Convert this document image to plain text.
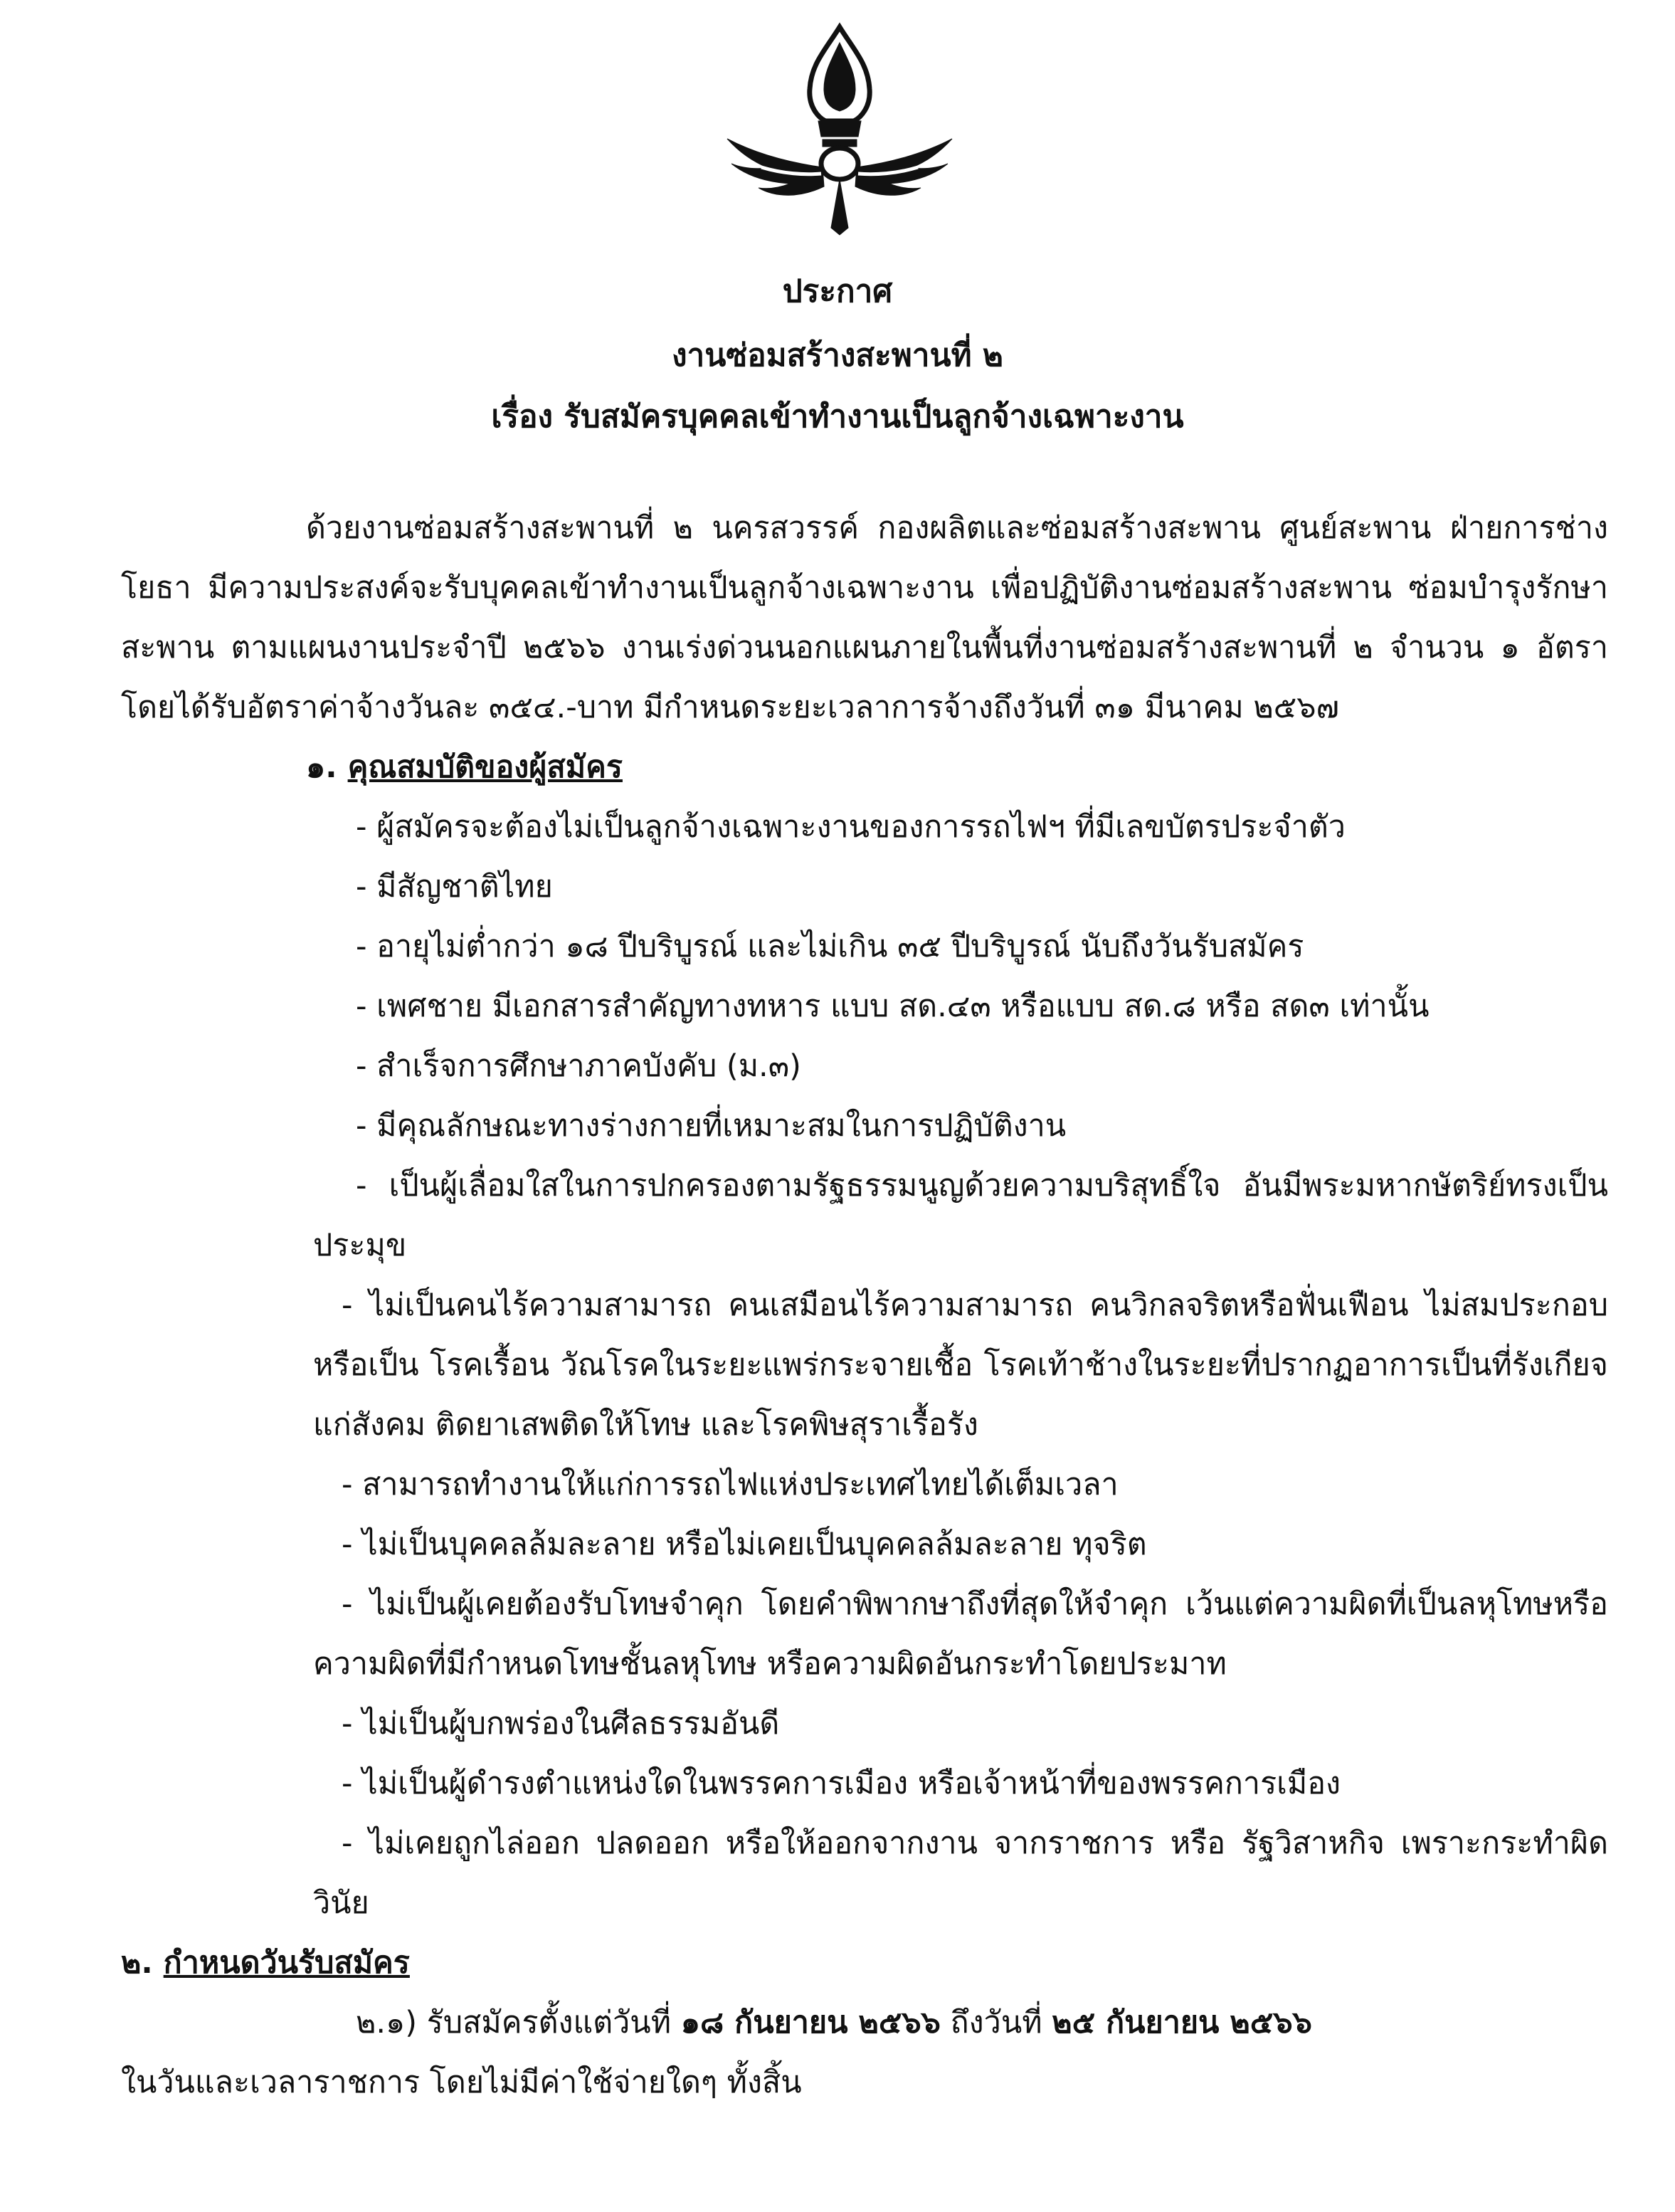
ประกาศ
งานซ่อมสร้างสะพานที่ ๒
เรื่อง รับสมัครบุคคลเข้าทำงานเป็นลูกจ้างเฉพาะงาน

ด้วยงานซ่อมสร้างสะพานที่ ๒ นครสวรรค์ กองผลิตและซ่อมสร้างสะพาน ศูนย์สะพาน ฝ่ายการช่างโยธา มีความประสงค์จะรับบุคคลเข้าทำงานเป็นลูกจ้างเฉพาะงาน เพื่อปฏิบัติงานซ่อมสร้างสะพาน ซ่อมบำรุงรักษาสะพาน ตามแผนงานประจำปี ๒๕๖๖ งานเร่งด่วนนอกแผนภายในพื้นที่งานซ่อมสร้างสะพานที่ ๒ จำนวน ๑ อัตรา โดยได้รับอัตราค่าจ้างวันละ ๓๕๔.-บาท มีกำหนดระยะเวลาการจ้างถึงวันที่ ๓๑ มีนาคม ๒๕๖๗

๑. คุณสมบัติของผู้สมัคร

- ผู้สมัครจะต้องไม่เป็นลูกจ้างเฉพาะงานของการรถไฟฯ ที่มีเลขบัตรประจำตัว

- มีสัญชาติไทย

- อายุไม่ต่ำกว่า ๑๘ ปีบริบูรณ์ และไม่เกิน ๓๕ ปีบริบูรณ์ นับถึงวันรับสมัคร

- เพศชาย มีเอกสารสำคัญทางทหาร แบบ สด.๔๓ หรือแบบ สด.๘ หรือ สด๓ เท่านั้น

- สำเร็จการศึกษาภาคบังคับ (ม.๓)

- มีคุณลักษณะทางร่างกายที่เหมาะสมในการปฏิบัติงาน

- เป็นผู้เลื่อมใสในการปกครองตามรัฐธรรมนูญด้วยความบริสุทธิ์ใจ อันมีพระมหากษัตริย์ทรงเป็นประมุข

- ไม่เป็นคนไร้ความสามารถ คนเสมือนไร้ความสามารถ คนวิกลจริตหรือฟั่นเฟือน ไม่สมประกอบหรือเป็น โรคเรื้อน วัณโรคในระยะแพร่กระจายเชื้อ โรคเท้าช้างในระยะที่ปรากฏอาการเป็นที่รังเกียจแก่สังคม ติดยาเสพติดให้โทษ และโรคพิษสุราเรื้อรัง

- สามารถทำงานให้แก่การรถไฟแห่งประเทศไทยได้เต็มเวลา

- ไม่เป็นบุคคลล้มละลาย หรือไม่เคยเป็นบุคคลล้มละลาย ทุจริต

- ไม่เป็นผู้เคยต้องรับโทษจำคุก โดยคำพิพากษาถึงที่สุดให้จำคุก เว้นแต่ความผิดที่เป็นลหุโทษหรือความผิดที่มีกำหนดโทษชั้นลหุโทษ หรือความผิดอันกระทำโดยประมาท

- ไม่เป็นผู้บกพร่องในศีลธรรมอันดี

- ไม่เป็นผู้ดำรงตำแหน่งใดในพรรคการเมือง หรือเจ้าหน้าที่ของพรรคการเมือง

- ไม่เคยถูกไล่ออก ปลดออก หรือให้ออกจากงาน จากราชการ หรือ รัฐวิสาหกิจ เพราะกระทำผิดวินัย

๒. กำหนดวันรับสมัคร

๒.๑) รับสมัครตั้งแต่วันที่ ๑๘ กันยายน ๒๕๖๖ ถึงวันที่ ๒๕ กันยายน ๒๕๖๖
ในวันและเวลาราชการ โดยไม่มีค่าใช้จ่ายใดๆ ทั้งสิ้น
